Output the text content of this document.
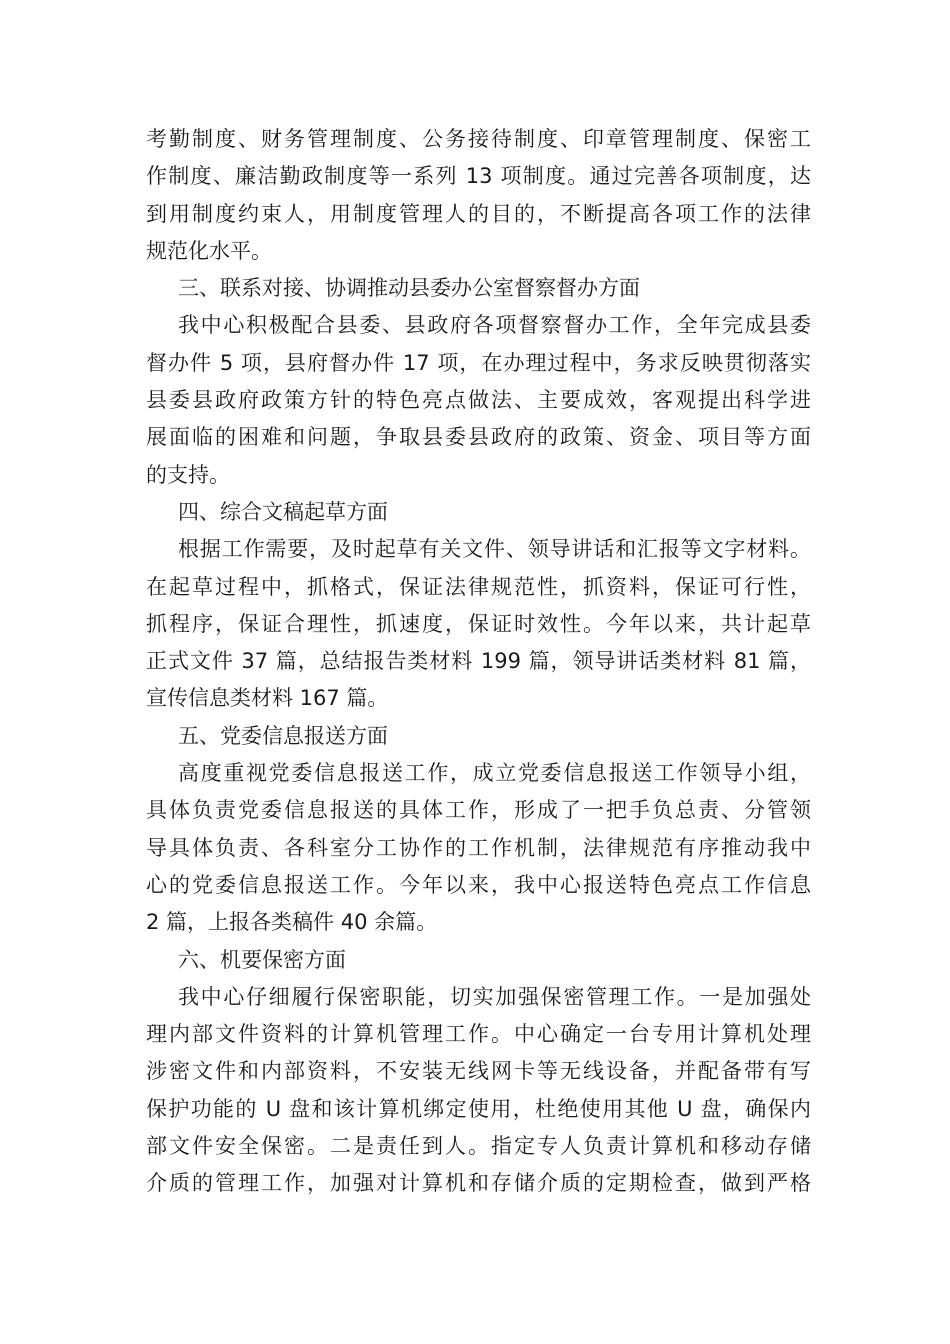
考勤制度、财务管理制度、公务接待制度、印章管理制度、保密工
作制度、廉洁勤政制度等一系列 13 项制度。通过完善各项制度，达
到用制度约束人，用制度管理人的目的，不断提高各项工作的法律
规范化水平。
三、联系对接、协调推动县委办公室督察督办方面
我中心积极配合县委、县政府各项督察督办工作，全年完成县委
督办件 5 项，县府督办件 17 项，在办理过程中，务求反映贯彻落实
县委县政府政策方针的特色亮点做法、主要成效，客观提出科学进
展面临的困难和问题，争取县委县政府的政策、资金、项目等方面
的支持。
四、综合文稿起草方面
根据工作需要，及时起草有关文件、领导讲话和汇报等文字材料。
在起草过程中，抓格式，保证法律规范性，抓资料，保证可行性，
抓程序，保证合理性，抓速度，保证时效性。今年以来，共计起草
正式文件 37 篇，总结报告类材料 199 篇，领导讲话类材料 81 篇，
宣传信息类材料 167 篇。
五、党委信息报送方面
高度重视党委信息报送工作，成立党委信息报送工作领导小组，
具体负责党委信息报送的具体工作，形成了一把手负总责、分管领
导具体负责、各科室分工协作的工作机制，法律规范有序推动我中
心的党委信息报送工作。今年以来，我中心报送特色亮点工作信息
2 篇，上报各类稿件 40 余篇。
六、机要保密方面
我中心仔细履行保密职能，切实加强保密管理工作。一是加强处
理内部文件资料的计算机管理工作。中心确定一台专用计算机处理
涉密文件和内部资料，不安装无线网卡等无线设备，并配备带有写
保护功能的 U 盘和该计算机绑定使用，杜绝使用其他 U 盘，确保内
部文件安全保密。二是责任到人。指定专人负责计算机和移动存储
介质的管理工作，加强对计算机和存储介质的定期检查，做到严格
